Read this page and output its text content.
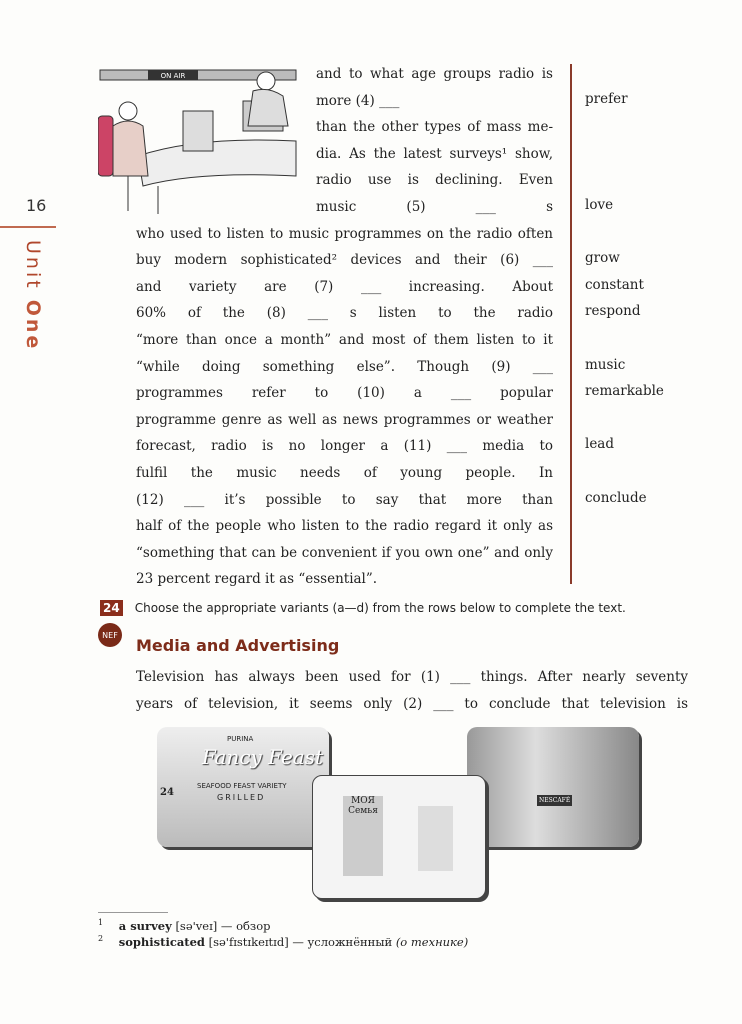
16
Unit One
ON AIR	and to what age groups radio is
more (4) ___
than the other types of mass me-
dia. As the latest surveys¹ show,
radio use is declining. Even
music (5) ___ s
who used to listen to music programmes on the radio often
buy modern sophisticated² devices and their (6) ___
and variety are (7) ___ increasing. About
60% of the (8) ___ s listen to the radio
“more than once a month” and most of them listen to it
“while doing something else”. Though (9) ___
programmes refer to (10) a ___ popular
programme genre as well as news programmes or weather
forecast, radio is no longer a (11) ___ media to
fulfil the music needs of young people. In
(12) ___ it’s possible to say that more than
half of the people who listen to the radio regard it only as
“something that can be convenient if you own one” and only
23 percent regard it as “essential”.
prefer
love
grow
constant
respond
music
remarkable
lead
conclude
24 Choose the appropriate variants (a—d) from the rows below to complete the text.
NEF
Media and Advertising
Television has always been used for (1) ___ things. After nearly seventy
years of television, it seems only (2) ___ to conclude that television is
PURINA
Fancy Feast
SEAFOOD FEAST VARIETY
GRILLED
24
NESCAFÉ
МОЯ Семья
$^1$ a survey [sə'veɪ] — обзор
$^2$ sophisticated [sə'fɪstɪkeɪtɪd] — усложнённый (о технике)
